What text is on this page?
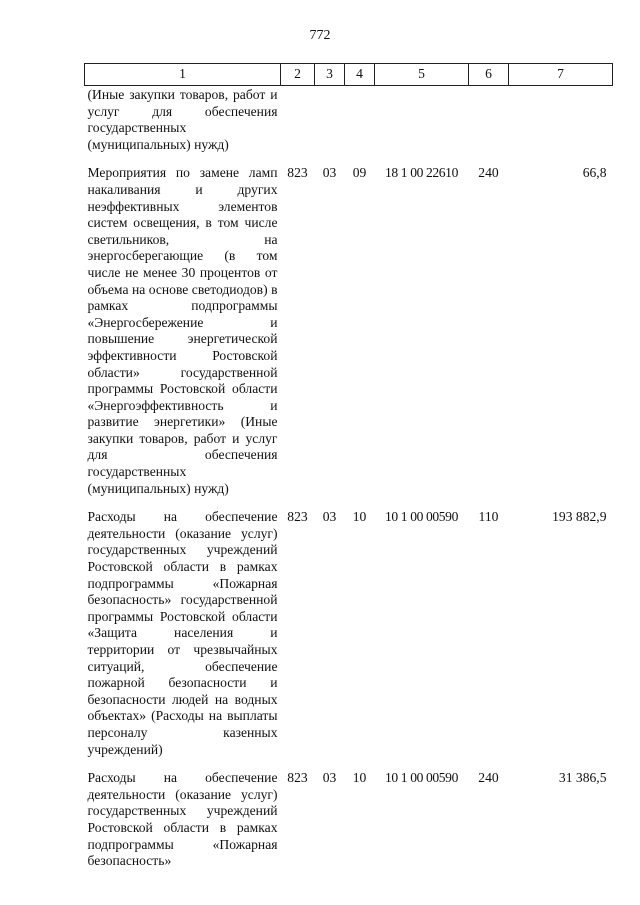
772
1	2	3	4	5	6	7
(Иные закупки товаров, работ и услуг для обеспечения государственных (муниципальных) нужд)						
Мероприятия по замене ламп накаливания и других неэффективных элементов систем освещения, в том числе светильников, на энергосберегающие (в том числе не менее 30 процентов от объема на основе светодиодов) в рамках подпрограммы «Энергосбережение и повышение энергетической эффективности Ростовской области» государственной программы Ростовской области «Энергоэффективность и развитие энергетики» (Иные закупки товаров, работ и услуг для обеспечения государственных (муниципальных) нужд)	823	03	09	18 1 00 22610	240	66,8
Расходы на обеспечение деятельности (оказание услуг) государственных учреждений Ростовской области в рамках подпрограммы «Пожарная безопасность» государственной программы Ростовской области «Защита населения и территории от чрезвычайных ситуаций, обеспечение пожарной безопасности и безопасности людей на водных объектах» (Расходы на выплаты персоналу казенных учреждений)	823	03	10	10 1 00 00590	110	193 882,9
Расходы на обеспечение деятельности (оказание услуг) государственных учреждений Ростовской области в рамках подпрограммы «Пожарная безопасность»	823	03	10	10 1 00 00590	240	31 386,5
